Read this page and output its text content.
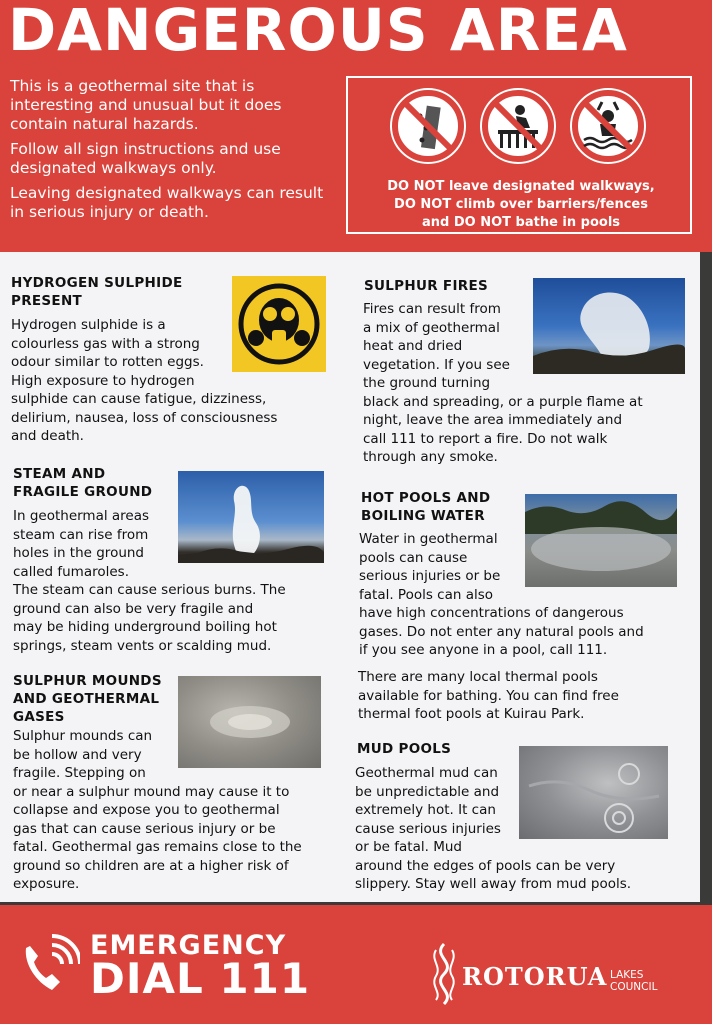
DANGEROUS AREA

This is a geothermal site that is interesting and unusual but it does contain natural hazards.

Follow all sign instructions and use designated walkways only.

Leaving designated walkways can result in serious injury or death.

DO NOT leave designated walkways,
DO NOT climb over barriers/fences
and DO NOT bathe in pools
HYDROGEN SULPHIDE
PRESENT
Hydrogen sulphide is a
colourless gas with a strong
odour similar to rotten eggs.
High exposure to hydrogen
sulphide can cause fatigue, dizziness,
delirium, nausea, loss of consciousness
and death.
STEAM AND
FRAGILE GROUND
In geothermal areas
steam can rise from
holes in the ground
called fumaroles.
The steam can cause serious burns. The
ground can also be very fragile and
may be hiding underground boiling hot
springs, steam vents or scalding mud.
SULPHUR MOUNDS
AND GEOTHERMAL
GASES
Sulphur mounds can
be hollow and very
fragile. Stepping on
or near a sulphur mound may cause it to
collapse and expose you to geothermal
gas that can cause serious injury or be
fatal. Geothermal gas remains close to the
ground so children are at a higher risk of
exposure.
SULPHUR FIRES
Fires can result from
a mix of geothermal
heat and dried
vegetation. If you see
the ground turning
black and spreading, or a purple flame at
night, leave the area immediately and
call 111 to report a fire. Do not walk
through any smoke.
HOT POOLS AND
BOILING WATER
Water in geothermal
pools can cause
serious injuries or be
fatal. Pools can also
have high concentrations of dangerous
gases. Do not enter any natural pools and
if you see anyone in a pool, call 111.
There are many local thermal pools
available for bathing. You can find free
thermal foot pools at Kuirau Park.
MUD POOLS
Geothermal mud can
be unpredictable and
extremely hot. It can
cause serious injuries
or be fatal. Mud
around the edges of pools can be very
slippery. Stay well away from mud pools.
EMERGENCY
DIAL 111	ROTORUA LAKES
COUNCIL
